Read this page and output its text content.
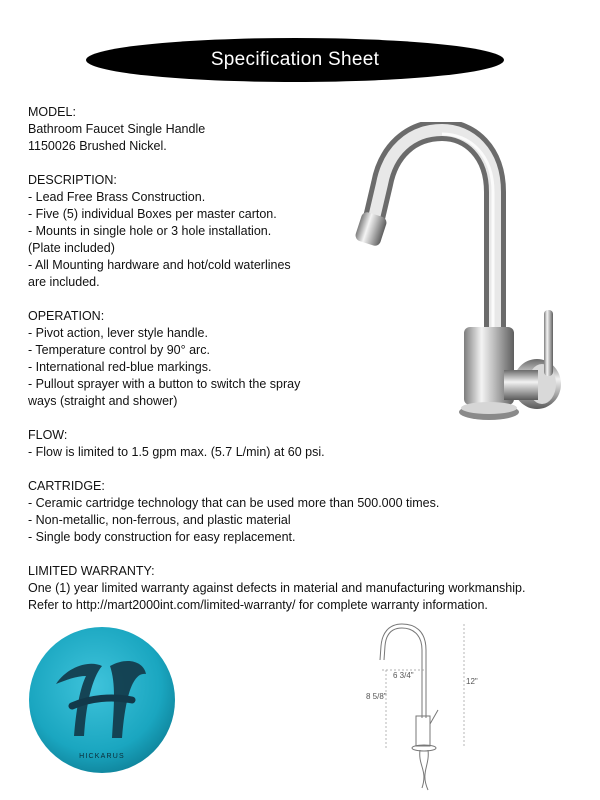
Specification Sheet
MODEL:
Bathroom Faucet Single Handle
1150026 Brushed Nickel.
DESCRIPTION:
- Lead Free Brass Construction.
- Five (5) individual Boxes per master carton.
- Mounts in single hole or 3 hole installation.
(Plate included)
- All Mounting hardware and hot/cold waterlines
are included.
OPERATION:
- Pivot action, lever style handle.
- Temperature control by 90° arc.
- International red-blue markings.
- Pullout sprayer with a button to switch the spray
ways (straight and shower)
FLOW:
- Flow is limited to 1.5 gpm max. (5.7 L/min) at 60 psi.
CARTRIDGE:
- Ceramic cartridge technology that can be used more than 500.000 times.
- Non-metallic, non-ferrous, and plastic material
- Single body construction for easy replacement.
LIMITED WARRANTY:
One (1) year limited warranty against defects in material and manufacturing workmanship.
Refer to http://mart2000int.com/limited-warranty/ for complete warranty information.
HICKARUS
6 3/4"
12"
8 5/8"
